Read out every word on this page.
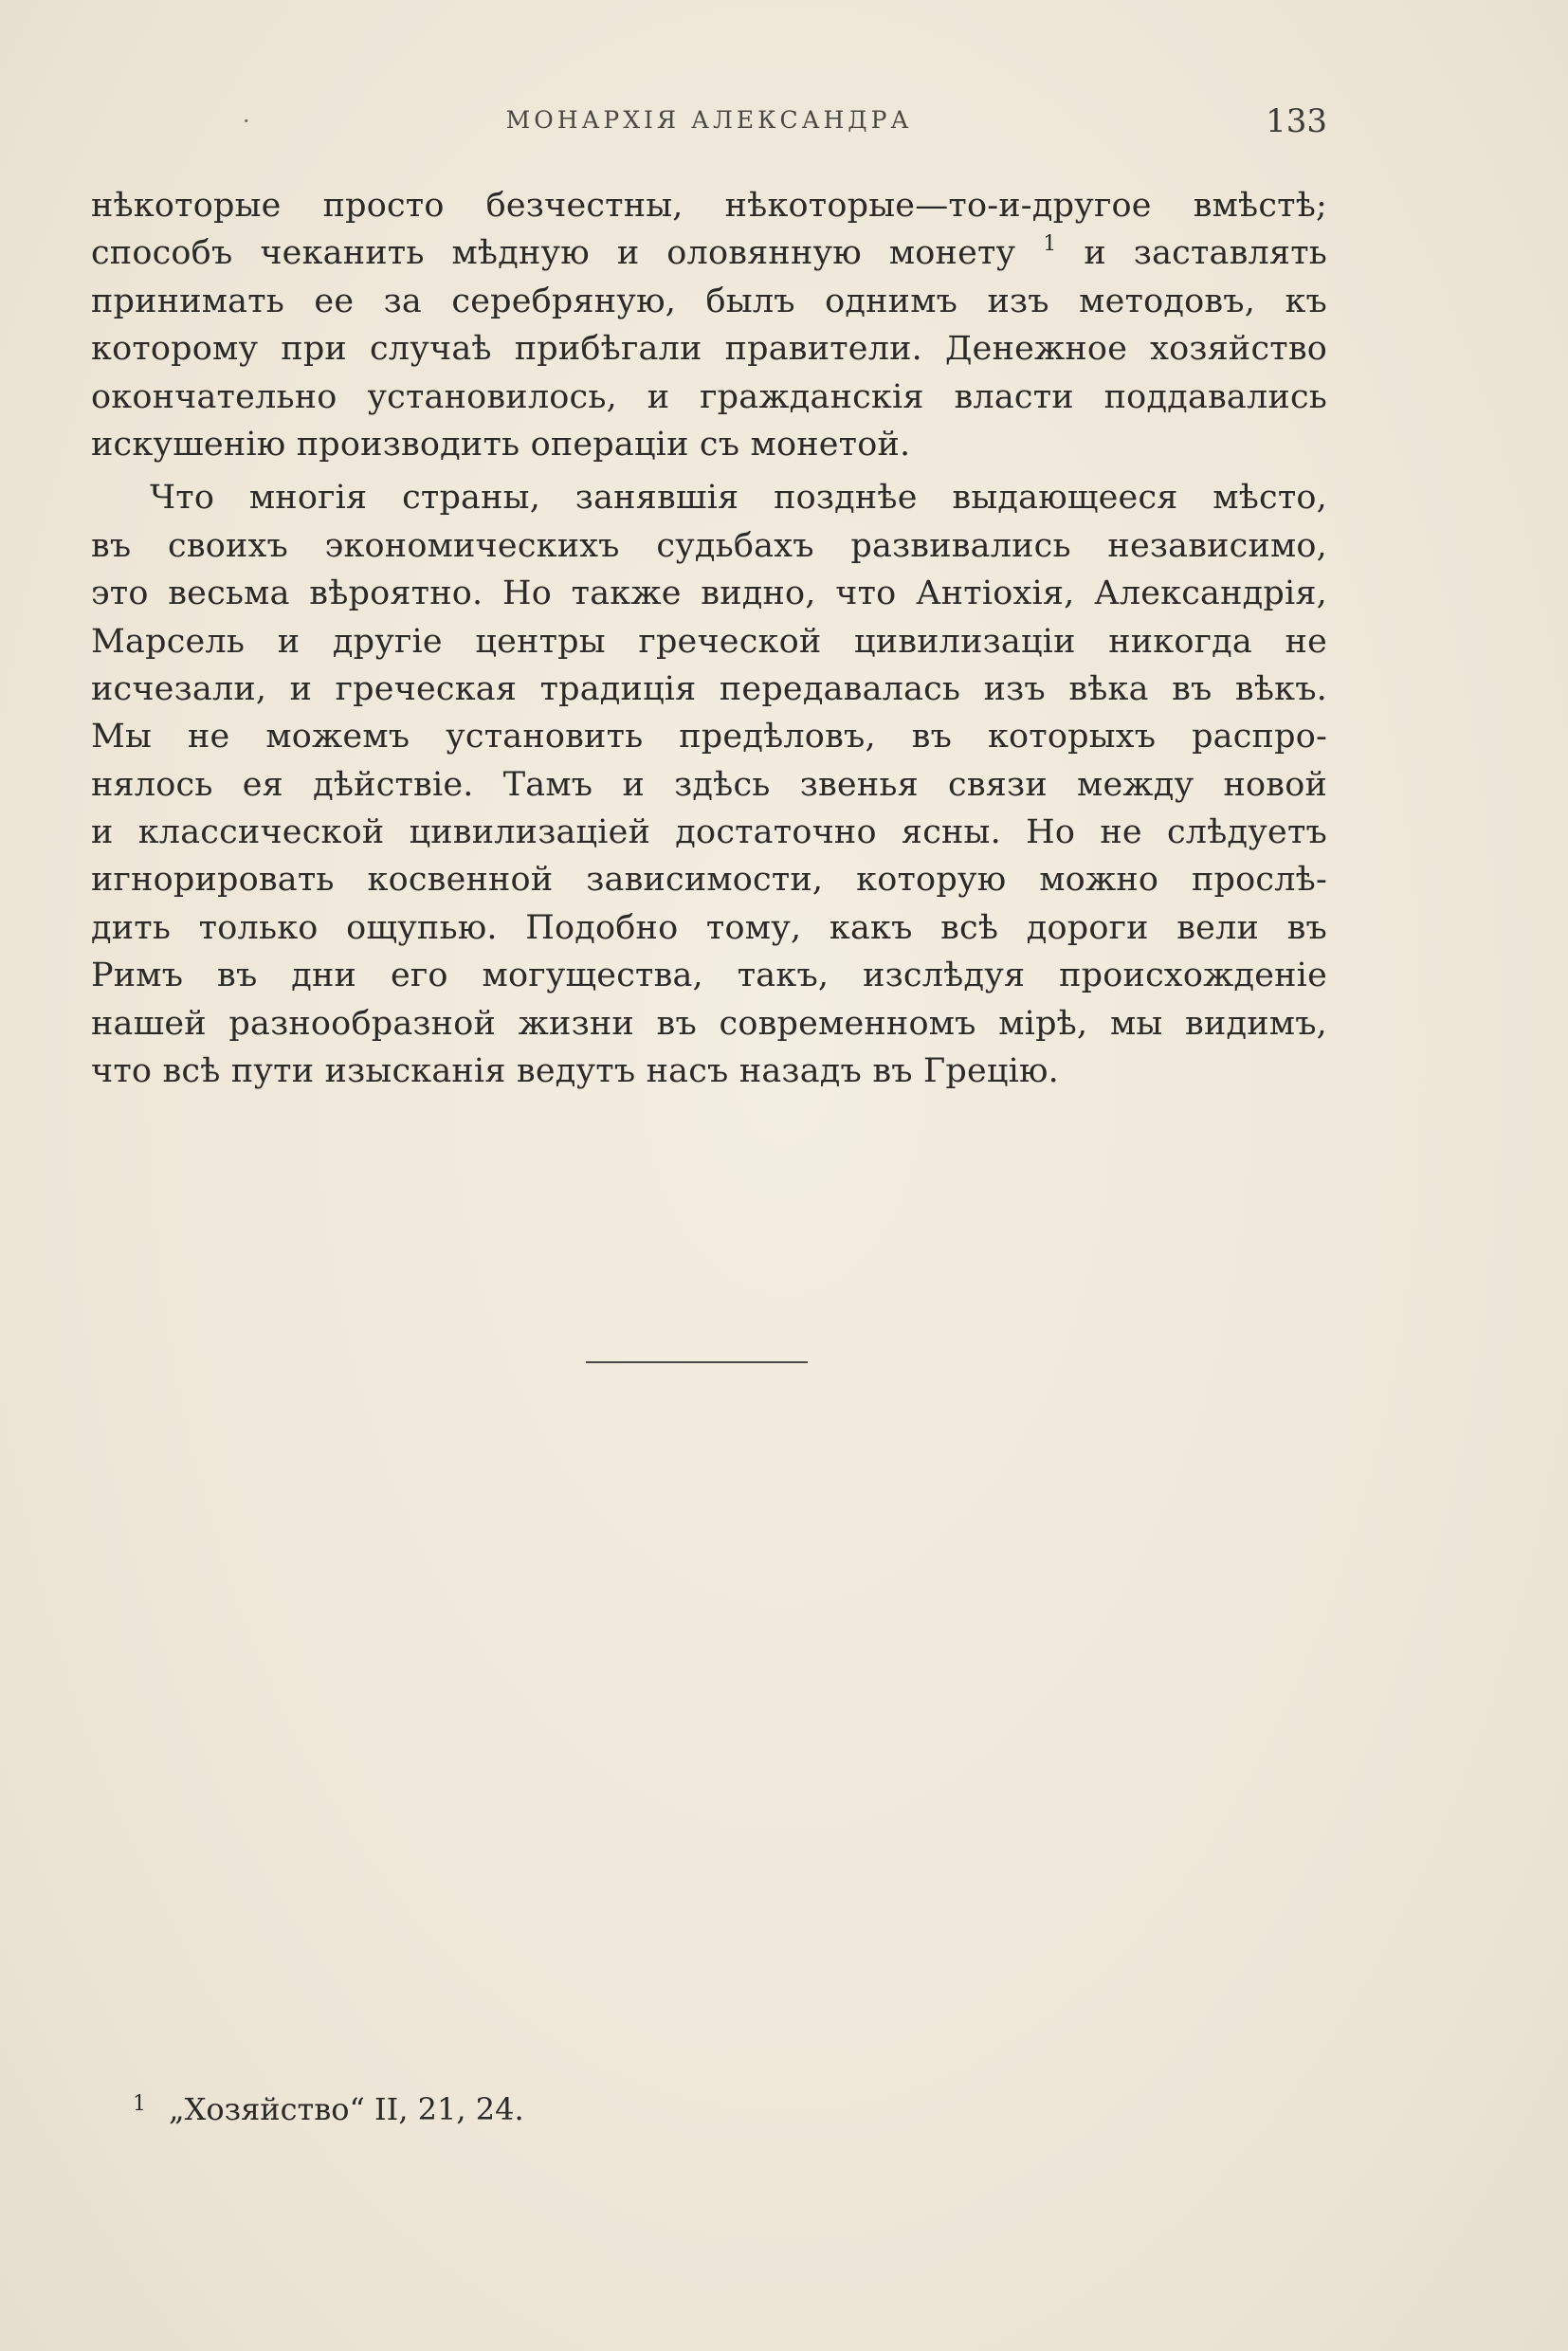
·	МОНАРХІЯ АЛЕКСАНДРА	133
нѣкоторые просто безчестны, нѣкоторые—то-и-другое вмѣстѣ;
способъ чеканить мѣдную и оловянную монету $^1$ и заставлять
принимать ее за серебряную, былъ однимъ изъ методовъ, къ
которому при случаѣ прибѣгали правители. Денежное хозяйство
окончательно установилось, и гражданскія власти поддавались
искушенію производить операціи съ монетой.
Что многія страны, занявшія позднѣе выдающееся мѣсто,
въ своихъ экономическихъ судьбахъ развивались независимо,
это весьма вѣроятно. Но также видно, что Антіохія, Александрія,
Марсель и другіе центры греческой цивилизаціи никогда не
исчезали, и греческая традиція передавалась изъ вѣка въ вѣкъ.
Мы не можемъ установить предѣловъ, въ которыхъ распро-
нялось ея дѣйствіе. Тамъ и здѣсь звенья связи между новой
и классической цивилизаціей достаточно ясны. Но не слѣдуетъ
игнорировать косвенной зависимости, которую можно прослѣ-
дить только ощупью. Подобно тому, какъ всѣ дороги вели въ
Римъ въ дни его могущества, такъ, изслѣдуя происхожденіе
нашей разнообразной жизни въ современномъ мірѣ, мы видимъ,
что всѣ пути изысканія ведутъ насъ назадъ въ Грецію.
$^1$ „Хозяйство“ II, 21, 24.
